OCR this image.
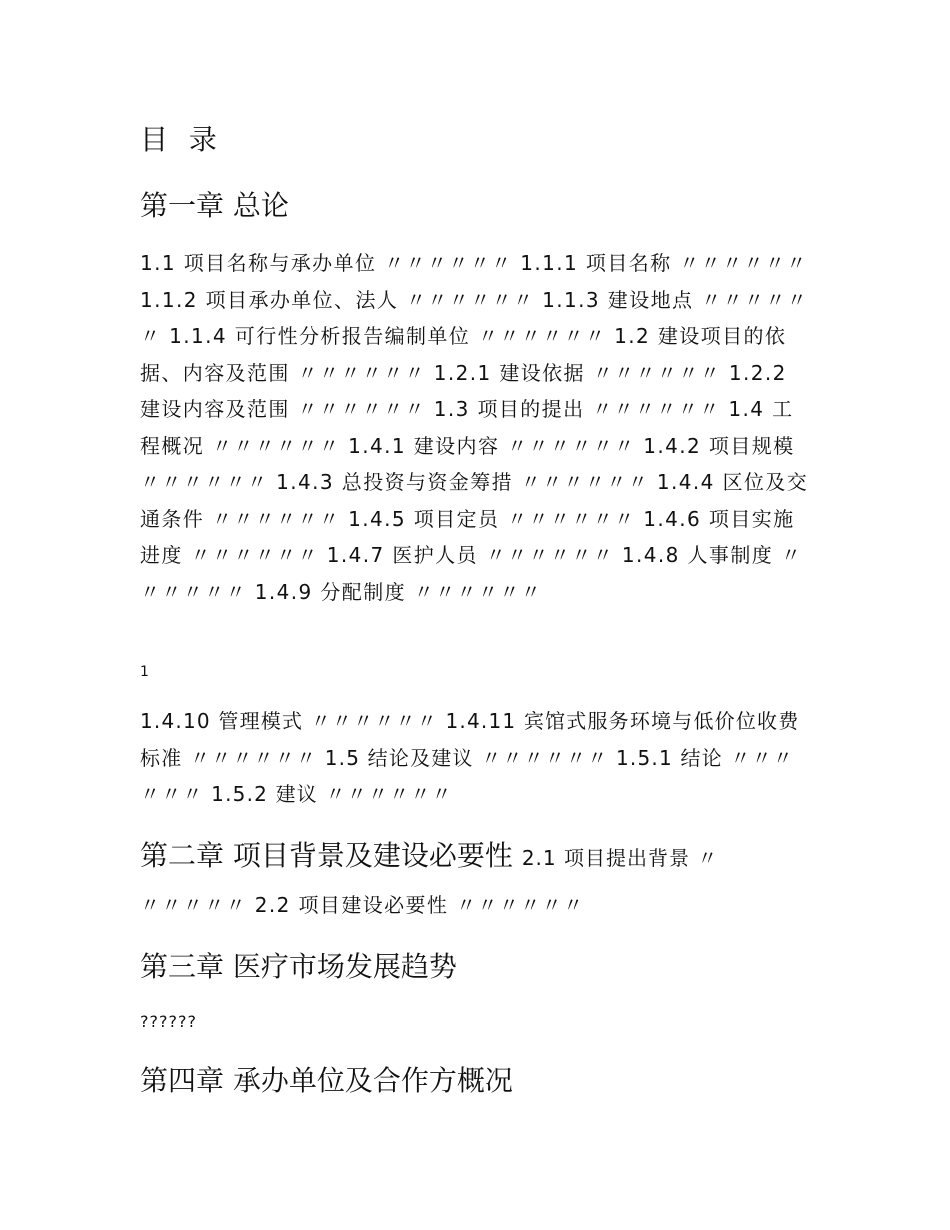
目 录
第一章 总论

1.1 项目名称与承办单位 〃〃〃〃〃〃 1.1.1 项目名称 〃〃〃〃〃〃 1.1.2 项目承办单位、法人 〃〃〃〃〃〃 1.1.3 建设地点 〃〃〃〃〃〃 1.1.4 可行性分析报告编制单位 〃〃〃〃〃〃 1.2 建设项目的依据、内容及范围 〃〃〃〃〃〃 1.2.1 建设依据 〃〃〃〃〃〃 1.2.2 建设内容及范围 〃〃〃〃〃〃 1.3 项目的提出 〃〃〃〃〃〃 1.4 工程概况 〃〃〃〃〃〃 1.4.1 建设内容 〃〃〃〃〃〃 1.4.2 项目规模 〃〃〃〃〃〃 1.4.3 总投资与资金筹措 〃〃〃〃〃〃 1.4.4 区位及交通条件 〃〃〃〃〃〃 1.4.5 项目定员 〃〃〃〃〃〃 1.4.6 项目实施进度 〃〃〃〃〃〃 1.4.7 医护人员 〃〃〃〃〃〃 1.4.8 人事制度 〃〃〃〃〃〃 1.4.9 分配制度 〃〃〃〃〃〃

1

1.4.10 管理模式 〃〃〃〃〃〃 1.4.11 宾馆式服务环境与低价位收费标准 〃〃〃〃〃〃 1.5 结论及建议 〃〃〃〃〃〃 1.5.1 结论 〃〃〃〃〃〃 1.5.2 建议 〃〃〃〃〃〃

第二章 项目背景及建设必要性 2.1 项目提出背景 〃
〃〃〃〃〃 2.2 项目建设必要性 〃〃〃〃〃〃
第三章 医疗市场发展趋势

??????

第四章 承办单位及合作方概况
